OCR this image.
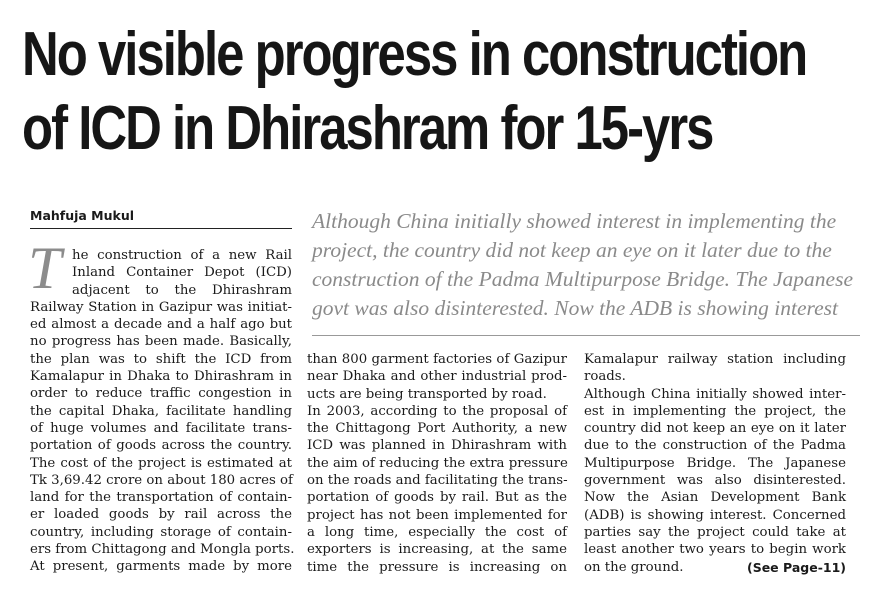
No visible progress in construction
of ICD in Dhirashram for 15-yrs

Mahfuja Mukul	Although China initially showed interest in implementing the
project, the country did not keep an eye on it later due to the
construction of the Padma Multipurpose Bridge. The Japanese
govt was also disinterested. Now the ADB is showing interest

T he construction of a new Rail
Inland Container Depot (ICD)
adjacent to the Dhirashram
Railway Station in Gazipur was initiat-
ed almost a decade and a half ago but
no progress has been made. Basically,
the plan was to shift the ICD from
Kamalapur in Dhaka to Dhirashram in
order to reduce traffic congestion in
the capital Dhaka, facilitate handling
of huge volumes and facilitate trans-
portation of goods across the country.
The cost of the project is estimated at
Tk 3,69.42 crore on about 180 acres of
land for the transportation of contain-
er loaded goods by rail across the
country, including storage of contain-
ers from Chittagong and Mongla ports.
At present, garments made by more
than 800 garment factories of Gazipur
near Dhaka and other industrial prod-
ucts are being transported by road.
In 2003, according to the proposal of
the Chittagong Port Authority, a new
ICD was planned in Dhirashram with
the aim of reducing the extra pressure
on the roads and facilitating the trans-
portation of goods by rail. But as the
project has not been implemented for
a long time, especially the cost of
exporters is increasing, at the same
time the pressure is increasing on
Kamalapur railway station including
roads.
Although China initially showed inter-
est in implementing the project, the
country did not keep an eye on it later
due to the construction of the Padma
Multipurpose Bridge. The Japanese
government was also disinterested.
Now the Asian Development Bank
(ADB) is showing interest. Concerned
parties say the project could take at
least another two years to begin work
on the ground.	(See Page-11)
